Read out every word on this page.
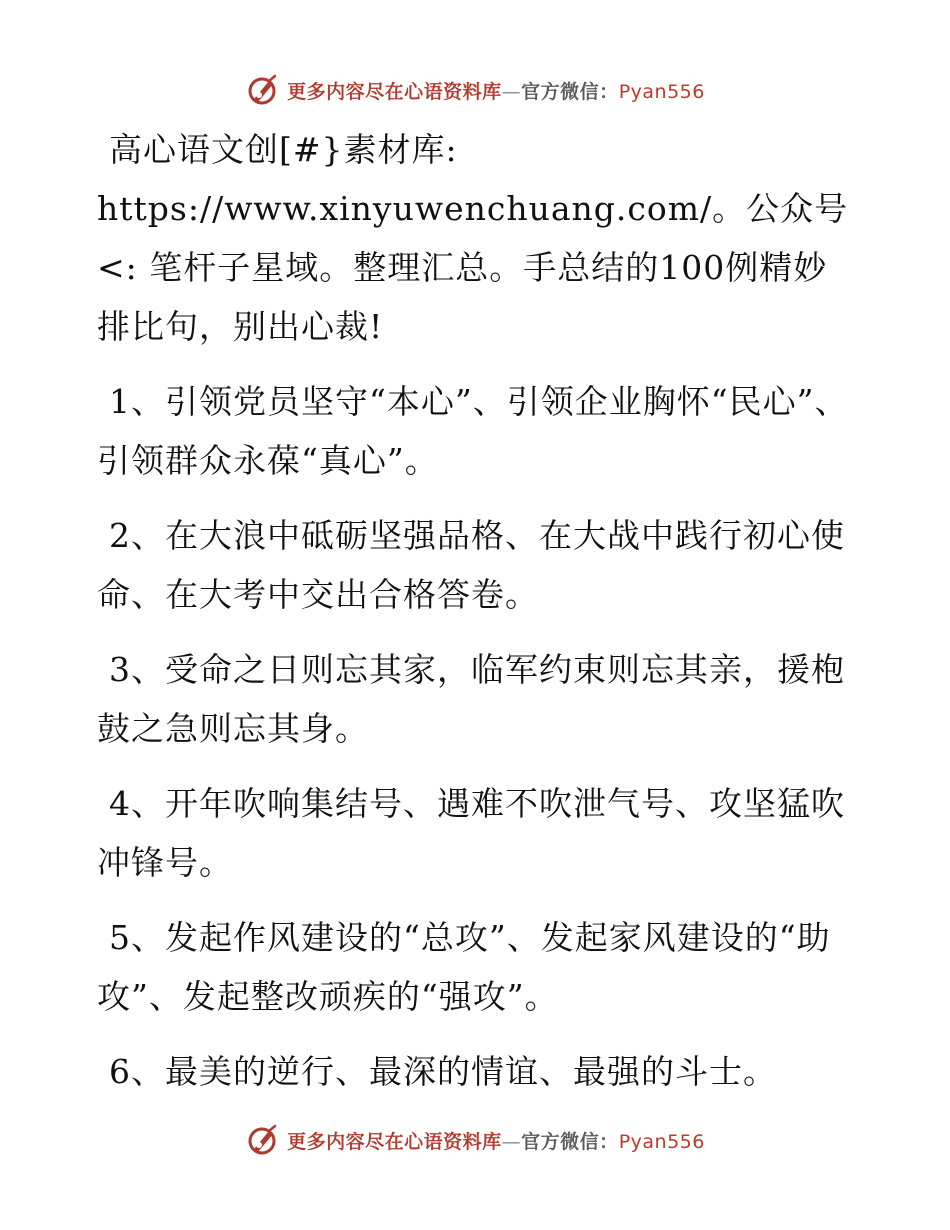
更多内容尽在心语资料库—官方微信：Pyan556

高心语文创[#}素材库: https://www.xinyuwenchuang.com/。公众号<: 笔杆子星域。整理汇总。手总结的100例精妙排比句，别出心裁!

1、引领党员坚守“本心”、引领企业胸怀“民心”、引领群众永葆“真心”。

2、在大浪中砥砺坚强品格、在大战中践行初心使命、在大考中交出合格答卷。

3、受命之日则忘其家，临军约束则忘其亲，援枹鼓之急则忘其身。

4、开年吹响集结号、遇难不吹泄气号、攻坚猛吹冲锋号。

5、发起作风建设的“总攻”、发起家风建设的“助攻”、发起整改顽疾的“强攻”。

6、最美的逆行、最深的情谊、最强的斗士。

更多内容尽在心语资料库—官方微信：Pyan556
